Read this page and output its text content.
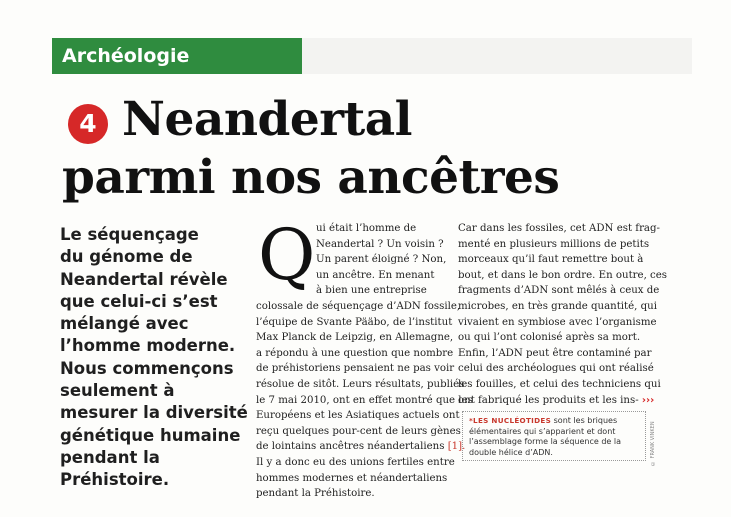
Archéologie
4 Neandertal
parmi nos ancêtres
Le séquençage
du génome de
Neandertal révèle
que celui-ci s’est
mélangé avec
l’homme moderne.
Nous commençons
seulement à
mesurer la diversité
génétique humaine
pendant la
Préhistoire.
Q ui était l’homme de
Neandertal ? Un voisin ?
Un parent éloigné ? Non,
un ancêtre. En menant
à bien une entreprise
colossale de séquençage d’ADN fossile,
l’équipe de Svante Pääbo, de l’institut
Max Planck de Leipzig, en Allemagne,
a répondu à une question que nombre
de préhistoriens pensaient ne pas voir
résolue de sitôt. Leurs résultats, publiés
le 7 mai 2010, ont en effet montré que les
Européens et les Asiatiques actuels ont
reçu quelques pour-cent de leurs gènes
de lointains ancêtres néandertaliens [1].
Il y a donc eu des unions fertiles entre
hommes modernes et néandertaliens
pendant la Préhistoire.
Car dans les fossiles, cet ADN est frag-
menté en plusieurs millions de petits
morceaux qu’il faut remettre bout à
bout, et dans le bon ordre. En outre, ces
fragments d’ADN sont mêlés à ceux de
microbes, en très grande quantité, qui
vivaient en symbiose avec l’organisme
ou qui l’ont colonisé après sa mort.
Enfin, l’ADN peut être contaminé par
celui des archéologues qui ont réalisé
les fouilles, et celui des techniciens qui
ont fabriqué les produits et les ins- ›››
*LES NUCLÉOTIDES sont les briques
élémentaires qui s’apparient et dont
l’assemblage forme la séquence de la
double hélice d’ADN.	© FRANK VINKEN
